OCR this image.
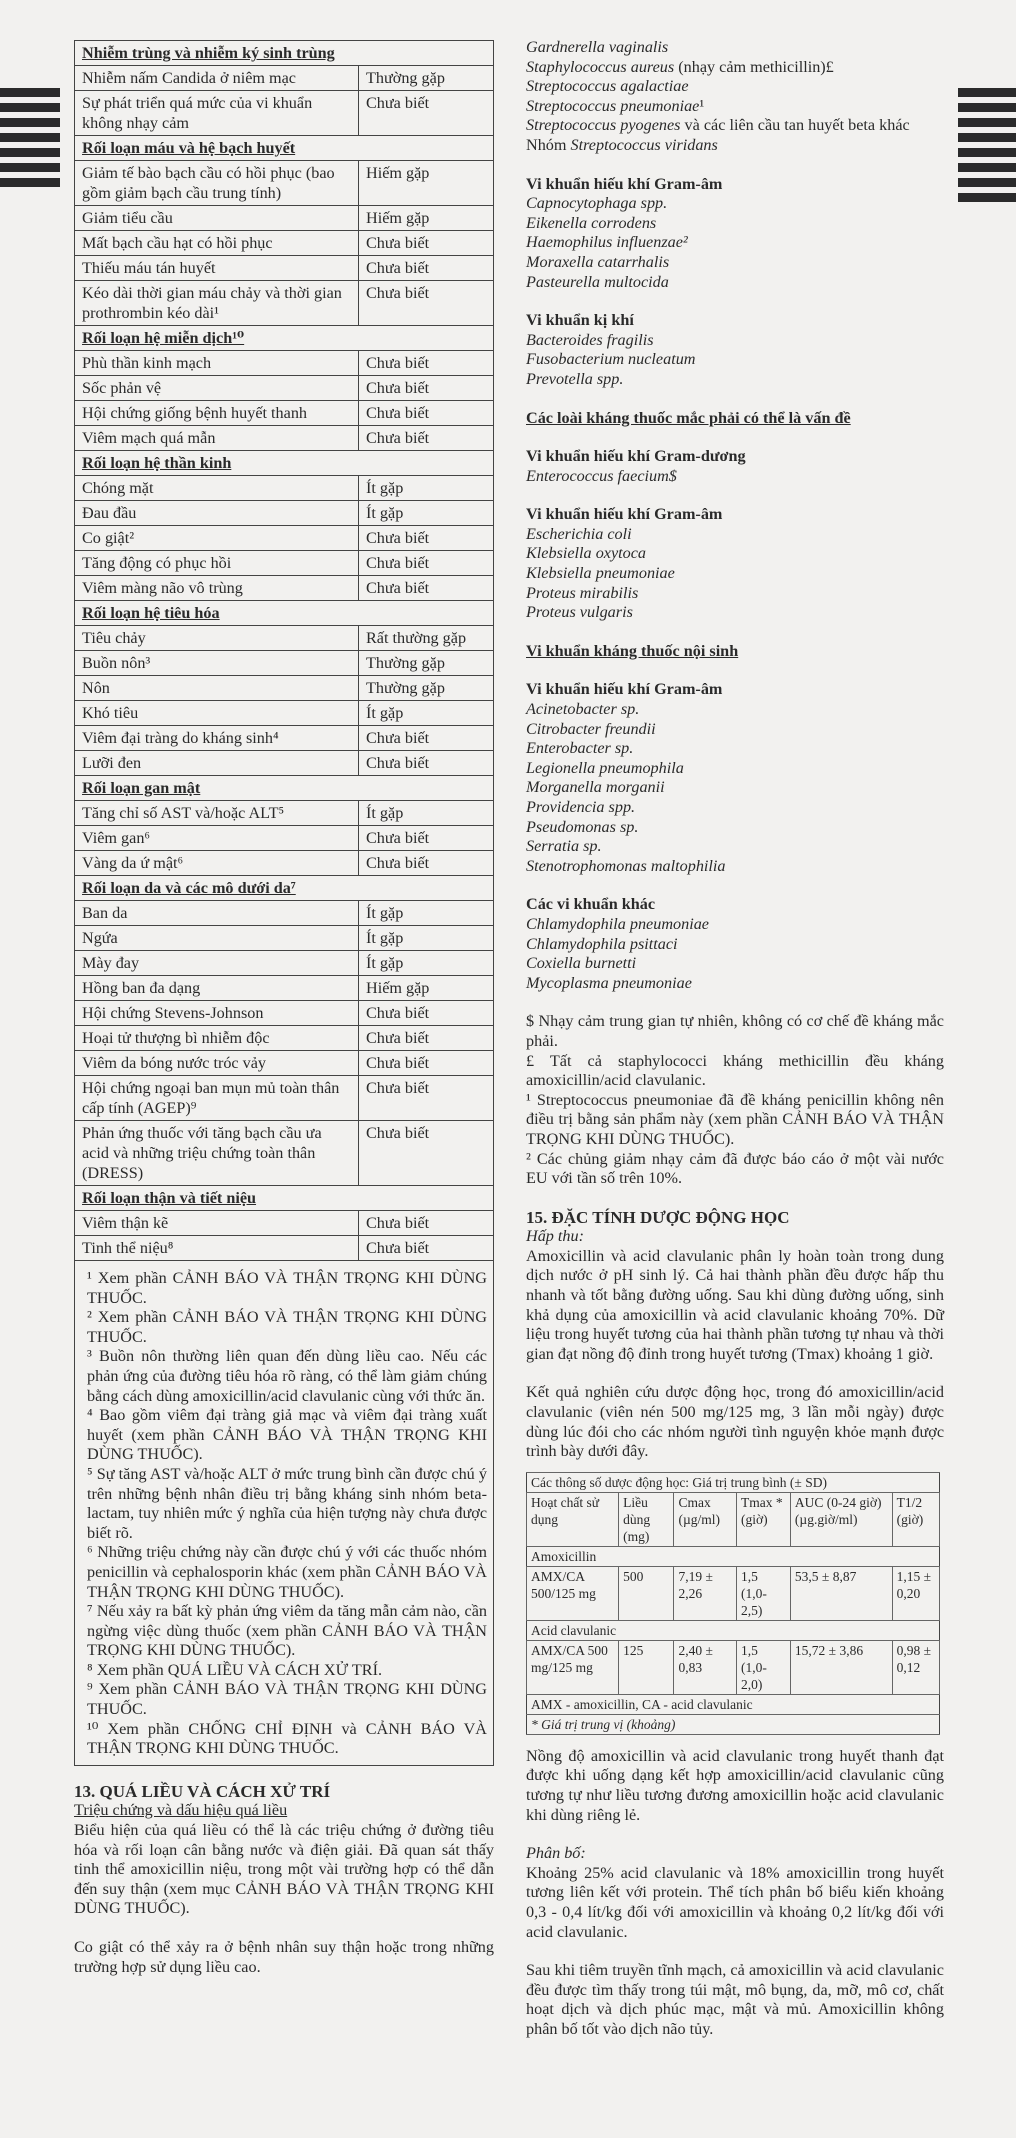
Nhiễm trùng và nhiễm ký sinh trùng	
Nhiễm nấm Candida ở niêm mạc	Thường gặp
Sự phát triển quá mức của vi khuẩn không nhạy cảm	Chưa biết
Rối loạn máu và hệ bạch huyết	
Giảm tế bào bạch cầu có hồi phục (bao gồm giảm bạch cầu trung tính)	Hiếm gặp
Giảm tiểu cầu	Hiếm gặp
Mất bạch cầu hạt có hồi phục	Chưa biết
Thiếu máu tán huyết	Chưa biết
Kéo dài thời gian máu chảy và thời gian prothrombin kéo dài¹	Chưa biết
Rối loạn hệ miễn dịch¹⁰	
Phù thần kinh mạch	Chưa biết
Sốc phản vệ	Chưa biết
Hội chứng giống bệnh huyết thanh	Chưa biết
Viêm mạch quá mẫn	Chưa biết
Rối loạn hệ thần kinh	
Chóng mặt	Ít gặp
Đau đầu	Ít gặp
Co giật²	Chưa biết
Tăng động có phục hồi	Chưa biết
Viêm màng não vô trùng	Chưa biết
Rối loạn hệ tiêu hóa	
Tiêu chảy	Rất thường gặp
Buồn nôn³	Thường gặp
Nôn	Thường gặp
Khó tiêu	Ít gặp
Viêm đại tràng do kháng sinh⁴	Chưa biết
Lưỡi đen	Chưa biết
Rối loạn gan mật	
Tăng chỉ số AST và/hoặc ALT⁵	Ít gặp
Viêm gan⁶	Chưa biết
Vàng da ứ mật⁶	Chưa biết
Rối loạn da và các mô dưới da⁷	
Ban da	Ít gặp
Ngứa	Ít gặp
Mày đay	Ít gặp
Hồng ban đa dạng	Hiếm gặp
Hội chứng Stevens-Johnson	Chưa biết
Hoại tử thượng bì nhiễm độc	Chưa biết
Viêm da bóng nước tróc vảy	Chưa biết
Hội chứng ngoại ban mụn mủ toàn thân cấp tính (AGEP)⁹	Chưa biết
Phản ứng thuốc với tăng bạch cầu ưa acid và những triệu chứng toàn thân (DRESS)	Chưa biết
Rối loạn thận và tiết niệu	
Viêm thận kẽ	Chưa biết
Tinh thể niệu⁸	Chưa biết

¹ Xem phần CẢNH BÁO VÀ THẬN TRỌNG KHI DÙNG THUỐC.

² Xem phần CẢNH BÁO VÀ THẬN TRỌNG KHI DÙNG THUỐC.

³ Buồn nôn thường liên quan đến dùng liều cao. Nếu các phản ứng của đường tiêu hóa rõ ràng, có thể làm giảm chúng bằng cách dùng amoxicillin/acid clavulanic cùng với thức ăn.

⁴ Bao gồm viêm đại tràng giả mạc và viêm đại tràng xuất huyết (xem phần CẢNH BÁO VÀ THẬN TRỌNG KHI DÙNG THUỐC).

⁵ Sự tăng AST và/hoặc ALT ở mức trung bình cần được chú ý trên những bệnh nhân điều trị bằng kháng sinh nhóm beta-lactam, tuy nhiên mức ý nghĩa của hiện tượng này chưa được biết rõ.

⁶ Những triệu chứng này cần được chú ý với các thuốc nhóm penicillin và cephalosporin khác (xem phần CẢNH BÁO VÀ THẬN TRỌNG KHI DÙNG THUỐC).

⁷ Nếu xảy ra bất kỳ phản ứng viêm da tăng mẫn cảm nào, cần ngừng việc dùng thuốc (xem phần CẢNH BÁO VÀ THẬN TRỌNG KHI DÙNG THUỐC).

⁸ Xem phần QUÁ LIỀU VÀ CÁCH XỬ TRÍ.

⁹ Xem phần CẢNH BÁO VÀ THẬN TRỌNG KHI DÙNG THUỐC.

¹⁰ Xem phần CHỐNG CHỈ ĐỊNH và CẢNH BÁO VÀ THẬN TRỌNG KHI DÙNG THUỐC.

13. QUÁ LIỀU VÀ CÁCH XỬ TRÍ
Triệu chứng và dấu hiệu quá liều

Biểu hiện của quá liều có thể là các triệu chứng ở đường tiêu hóa và rối loạn cân bằng nước và điện giải. Đã quan sát thấy tinh thể amoxicillin niệu, trong một vài trường hợp có thể dẫn đến suy thận (xem mục CẢNH BÁO VÀ THẬN TRỌNG KHI DÙNG THUỐC).

Co giật có thể xảy ra ở bệnh nhân suy thận hoặc trong những trường hợp sử dụng liều cao.

Gardnerella vaginalis
Staphylococcus aureus (nhạy cảm methicillin)£
Streptococcus agalactiae
Streptococcus pneumoniae¹
Streptococcus pyogenes và các liên cầu tan huyết beta khác
Nhóm Streptococcus viridans
Vi khuẩn hiếu khí Gram-âm
Capnocytophaga spp.
Eikenella corrodens
Haemophilus influenzae²
Moraxella catarrhalis
Pasteurella multocida
Vi khuẩn kị khí
Bacteroides fragilis
Fusobacterium nucleatum
Prevotella spp.
Các loài kháng thuốc mắc phải có thể là vấn đề
Vi khuẩn hiếu khí Gram-dương
Enterococcus faecium$
Vi khuẩn hiếu khí Gram-âm
Escherichia coli
Klebsiella oxytoca
Klebsiella pneumoniae
Proteus mirabilis
Proteus vulgaris
Vi khuẩn kháng thuốc nội sinh
Vi khuẩn hiếu khí Gram-âm
Acinetobacter sp.
Citrobacter freundii
Enterobacter sp.
Legionella pneumophila
Morganella morganii
Providencia spp.
Pseudomonas sp.
Serratia sp.
Stenotrophomonas maltophilia
Các vi khuẩn khác
Chlamydophila pneumoniae
Chlamydophila psittaci
Coxiella burnetti
Mycoplasma pneumoniae

$ Nhạy cảm trung gian tự nhiên, không có cơ chế đề kháng mắc phải.

£ Tất cả staphylococci kháng methicillin đều kháng amoxicillin/acid clavulanic.

¹ Streptococcus pneumoniae đã đề kháng penicillin không nên điều trị bằng sản phẩm này (xem phần CẢNH BÁO VÀ THẬN TRỌNG KHI DÙNG THUỐC).

² Các chủng giảm nhạy cảm đã được báo cáo ở một vài nước EU với tần số trên 10%.

15. ĐẶC TÍNH DƯỢC ĐỘNG HỌC
Hấp thu:

Amoxicillin và acid clavulanic phân ly hoàn toàn trong dung dịch nước ở pH sinh lý. Cả hai thành phần đều được hấp thu nhanh và tốt bằng đường uống. Sau khi dùng đường uống, sinh khả dụng của amoxicillin và acid clavulanic khoảng 70%. Dữ liệu trong huyết tương của hai thành phần tương tự nhau và thời gian đạt nồng độ đỉnh trong huyết tương (Tmax) khoảng 1 giờ.

Kết quả nghiên cứu dược động học, trong đó amoxicillin/acid clavulanic (viên nén 500 mg/125 mg, 3 lần mỗi ngày) được dùng lúc đói cho các nhóm người tình nguyện khỏe mạnh được trình bày dưới đây.

Các thông số dược động học: Giá trị trung bình (± SD)					
Hoạt chất sử dụng	Liều dùng (mg)	Cmax (µg/ml)	Tmax * (giờ)	AUC (0-24 giờ) (µg.giờ/ml)	T1/2 (giờ)
Amoxicillin					
AMX/CA 500/125 mg	500	7,19 ± 2,26	1,5 (1,0-2,5)	53,5 ± 8,87	1,15 ± 0,20
Acid clavulanic					
AMX/CA 500 mg/125 mg	125	2,40 ± 0,83	1,5 (1,0-2,0)	15,72 ± 3,86	0,98 ± 0,12
AMX - amoxicillin, CA - acid clavulanic					
* Giá trị trung vị (khoảng)					

Nồng độ amoxicillin và acid clavulanic trong huyết thanh đạt được khi uống dạng kết hợp amoxicillin/acid clavulanic cũng tương tự như liều tương đương amoxicillin hoặc acid clavulanic khi dùng riêng lẻ.

Phân bố:

Khoảng 25% acid clavulanic và 18% amoxicillin trong huyết tương liên kết với protein. Thể tích phân bố biểu kiến khoảng 0,3 - 0,4 lít/kg đối với amoxicillin và khoảng 0,2 lít/kg đối với acid clavulanic.

Sau khi tiêm truyền tĩnh mạch, cả amoxicillin và acid clavulanic đều được tìm thấy trong túi mật, mô bụng, da, mỡ, mô cơ, chất hoạt dịch và dịch phúc mạc, mật và mủ. Amoxicillin không phân bố tốt vào dịch não tủy.
